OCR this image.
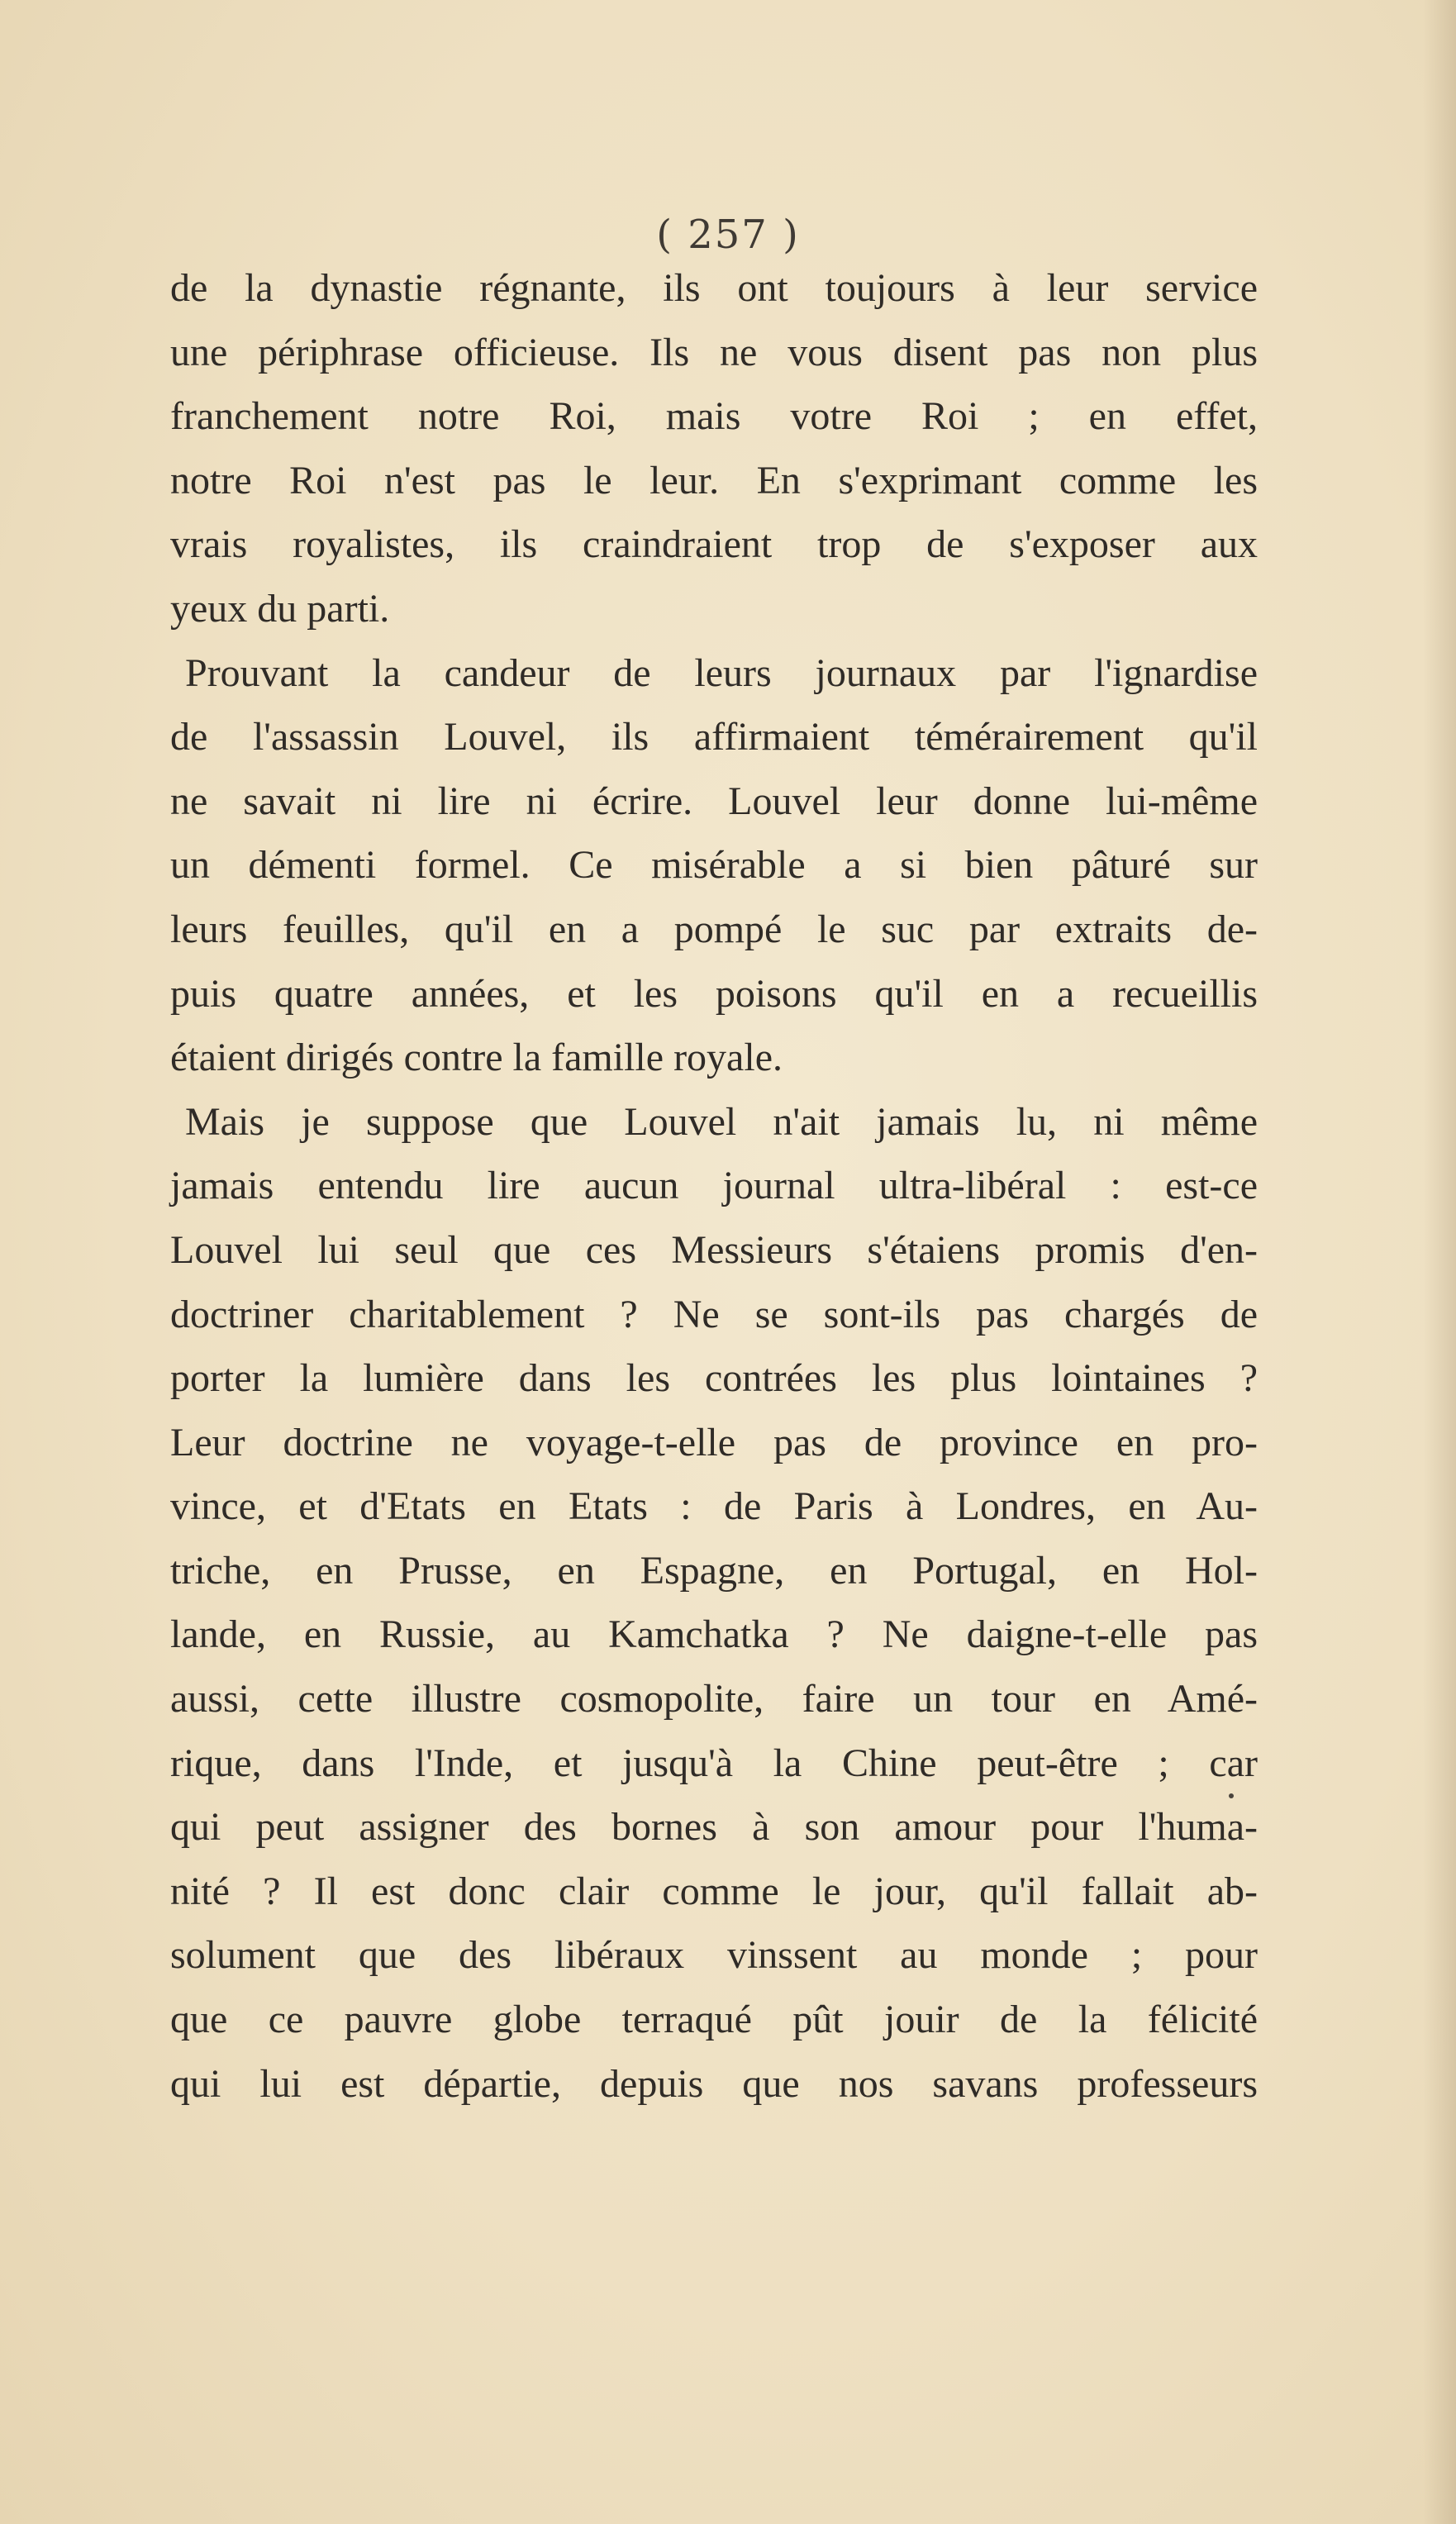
( 257 )
de la dynastie régnante, ils ont toujours à leur service
une périphrase officieuse. Ils ne vous disent pas non plus
franchement notre Roi, mais votre Roi ; en effet,
notre Roi n'est pas le leur. En s'exprimant comme les
vrais royalistes, ils craindraient trop de s'exposer aux
yeux du parti.
Prouvant la candeur de leurs journaux par l'ignardise
de l'assassin Louvel, ils affirmaient témérairement qu'il
ne savait ni lire ni écrire. Louvel leur donne lui-même
un démenti formel. Ce misérable a si bien pâturé sur
leurs feuilles, qu'il en a pompé le suc par extraits de-
puis quatre années, et les poisons qu'il en a recueillis
étaient dirigés contre la famille royale.
Mais je suppose que Louvel n'ait jamais lu, ni même
jamais entendu lire aucun journal ultra-libéral : est-ce
Louvel lui seul que ces Messieurs s'étaiens promis d'en-
doctriner charitablement ? Ne se sont-ils pas chargés de
porter la lumière dans les contrées les plus lointaines ?
Leur doctrine ne voyage-t-elle pas de province en pro-
vince, et d'Etats en Etats : de Paris à Londres, en Au-
triche, en Prusse, en Espagne, en Portugal, en Hol-
lande, en Russie, au Kamchatka ? Ne daigne-t-elle pas
aussi, cette illustre cosmopolite, faire un tour en Amé-
rique, dans l'Inde, et jusqu'à la Chine peut-être ; car
qui peut assigner des bornes à son amour pour l'huma-
nité ? Il est donc clair comme le jour, qu'il fallait ab-
solument que des libéraux vinssent au monde ; pour
que ce pauvre globe terraqué pût jouir de la félicité
qui lui est départie, depuis que nos savans professeurs
